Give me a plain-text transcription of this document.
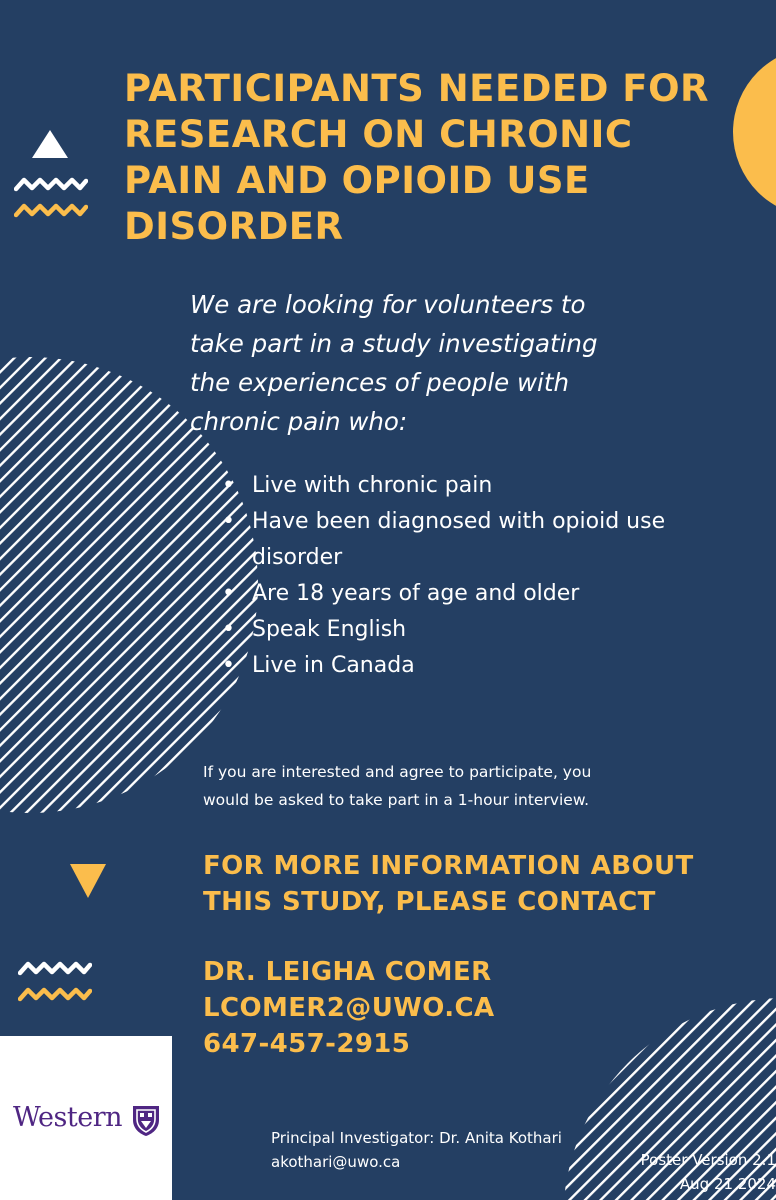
PARTICIPANTS NEEDED FOR
RESEARCH ON CHRONIC
PAIN AND OPIOID USE
DISORDER

We are looking for volunteers to
take part in a study investigating
the experiences of people with
chronic pain who:

• Live with chronic pain
• Have been diagnosed with opioid use
disorder
• Are 18 years of age and older
• Speak English
• Live in Canada

If you are interested and agree to participate, you
would be asked to take part in a 1-hour interview.

FOR MORE INFORMATION ABOUT
THIS STUDY, PLEASE CONTACT
DR. LEIGHA COMER
LCOMER2@UWO.CA
647-457-2915
Western
Principal Investigator: Dr. Anita Kothari
akothari@uwo.ca	Poster Version 2.1
Aug 21 2024
